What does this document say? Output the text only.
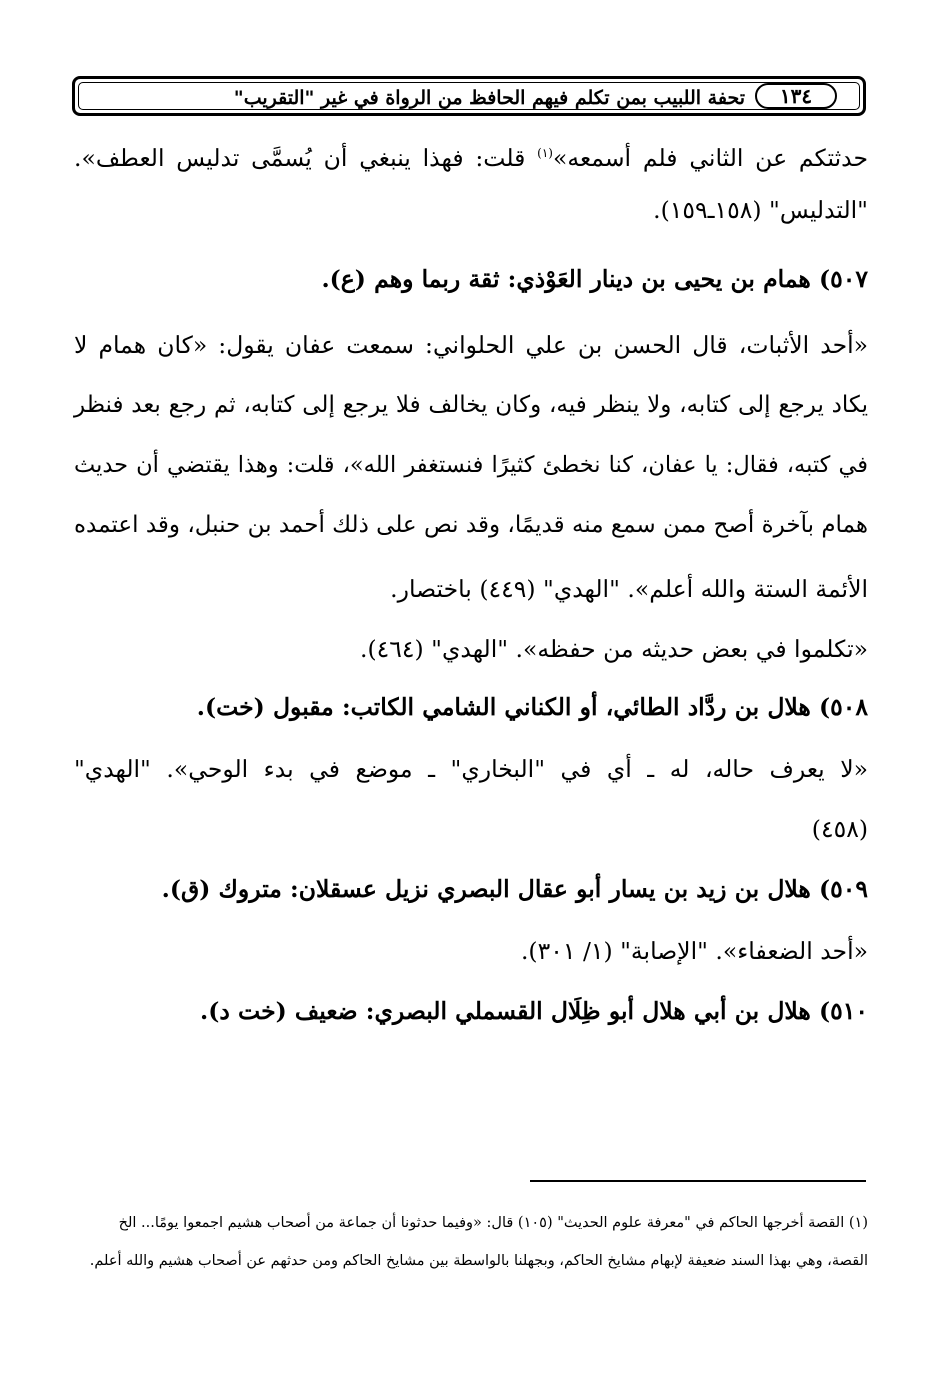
١٣٤
تحفة اللبيب بمن تكلم فيهم الحافظ من الرواة في غير "التقريب"
حدثتكم عن الثاني فلم أسمعه»$^{(١)}$ قلت: فهذا ينبغي أن يُسمَّى تدليس العطف».
"التدليس" (١٥٨ـ١٥٩).
٥٠٧) همام بن يحيى بن دينار العَوْذي: ثقة ربما وهم (ع).
«أحد الأثبات، قال الحسن بن علي الحلواني: سمعت عفان يقول: «كان همام لا
يكاد يرجع إلى كتابه، ولا ينظر فيه، وكان يخالف فلا يرجع إلى كتابه، ثم رجع بعد فنظر
في كتبه، فقال: يا عفان، كنا نخطئ كثيرًا فنستغفر الله»، قلت: وهذا يقتضي أن حديث
همام بآخرة أصح ممن سمع منه قديمًا، وقد نص على ذلك أحمد بن حنبل، وقد اعتمده
الأئمة الستة والله أعلم». "الهدي" (٤٤٩) باختصار.
«تكلموا في بعض حديثه من حفظه». "الهدي" (٤٦٤).
٥٠٨) هلال بن ردَّاد الطائي، أو الكناني الشامي الكاتب: مقبول (خت).
«لا يعرف حاله، له ـ أي في "البخاري" ـ موضع في بدء الوحي». "الهدي"
(٤٥٨)
٥٠٩) هلال بن زيد بن يسار أبو عقال البصري نزيل عسقلان: متروك (ق).
«أحد الضعفاء». "الإصابة" (١/ ٣٠١).
٥١٠) هلال بن أبي هلال أبو ظِلَال القسملي البصري: ضعيف (خت د).
(١) القصة أخرجها الحاكم في "معرفة علوم الحديث" (١٠٥) قال: «وفيما حدثونا أن جماعة من أصحاب هشيم اجمعوا يومًا... الخ
القصة، وهي بهذا السند ضعيفة لإبهام مشايخ الحاكم، وبجهلنا بالواسطة بين مشايخ الحاكم ومن حدثهم عن أصحاب هشيم والله أعلم.
